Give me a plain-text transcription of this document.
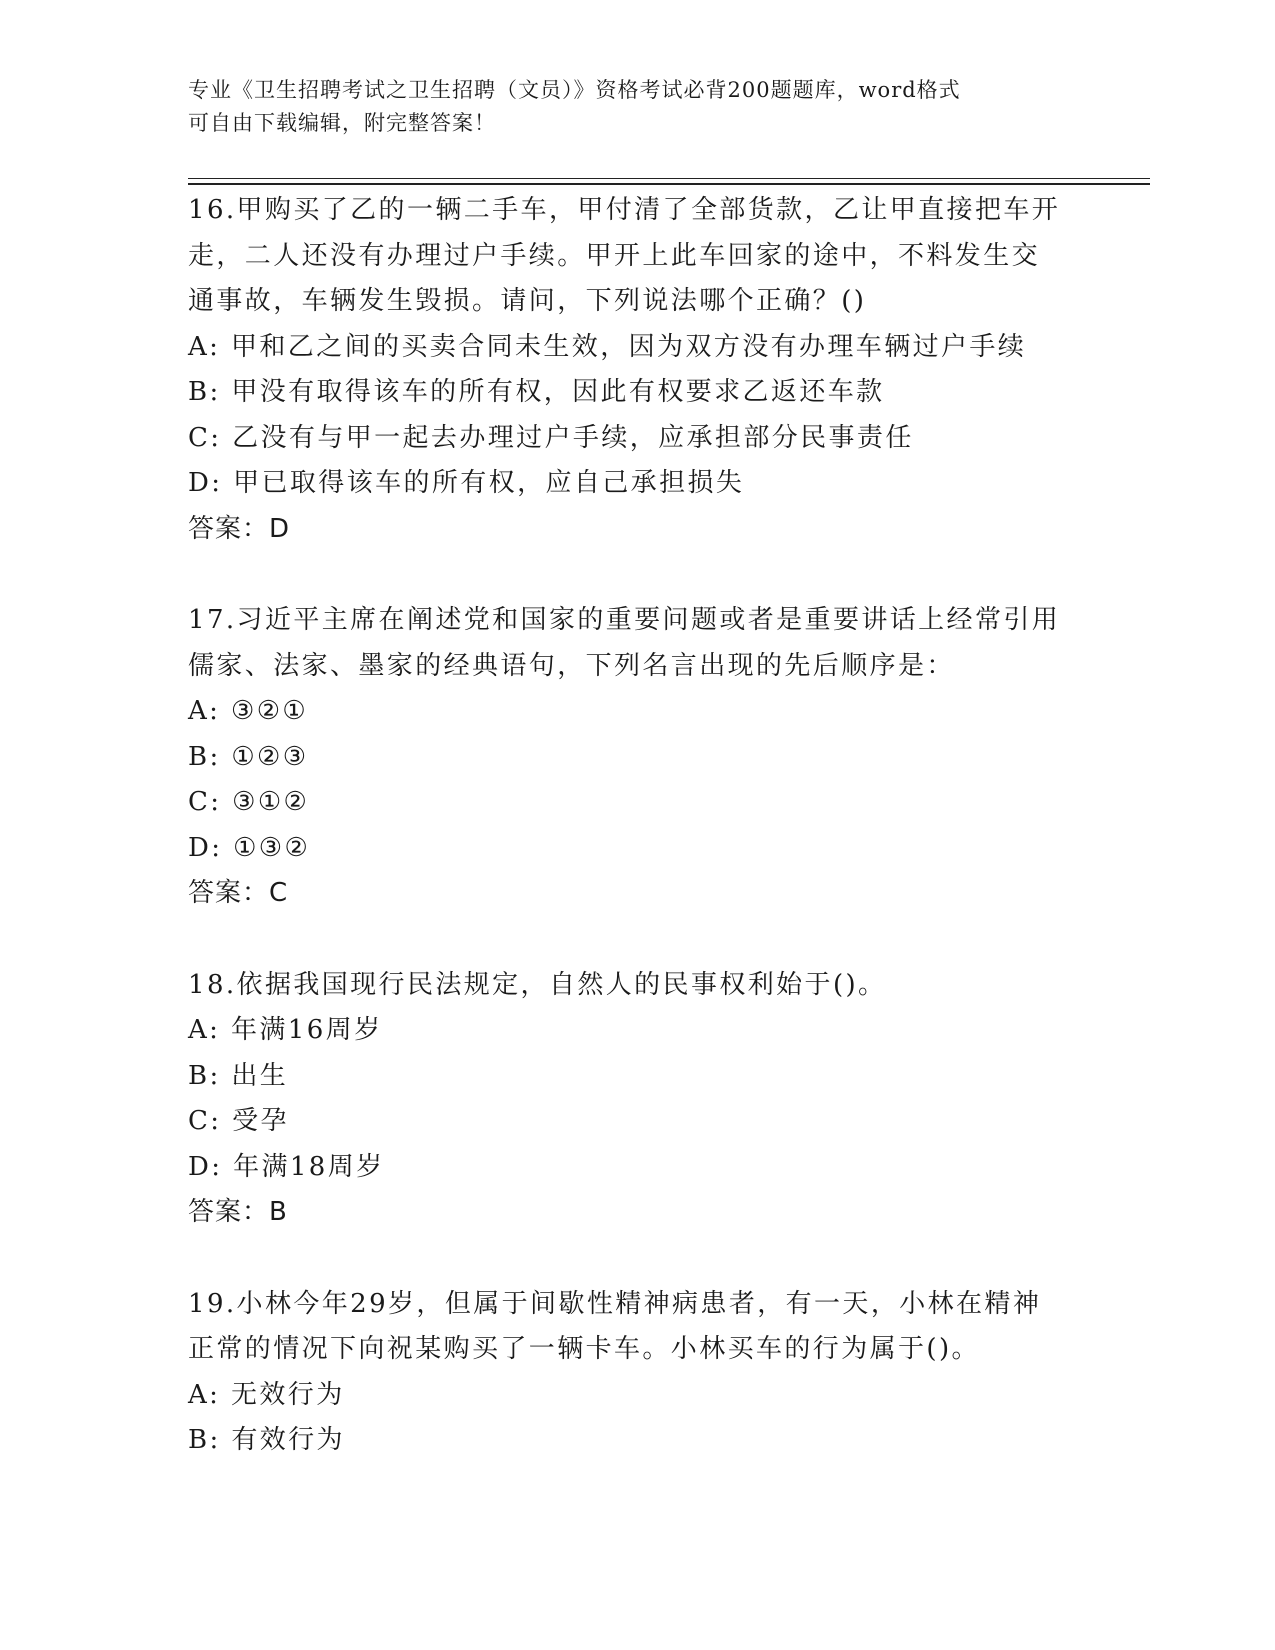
专业《卫生招聘考试之卫生招聘（文员）》资格考试必背200题题库，word格式
可自由下载编辑，附完整答案！
16.甲购买了乙的一辆二手车，甲付清了全部货款，乙让甲直接把车开
走，二人还没有办理过户手续。甲开上此车回家的途中，不料发生交
通事故，车辆发生毁损。请问，下列说法哪个正确？()
A: 甲和乙之间的买卖合同未生效，因为双方没有办理车辆过户手续
B: 甲没有取得该车的所有权，因此有权要求乙返还车款
C: 乙没有与甲一起去办理过户手续，应承担部分民事责任
D: 甲已取得该车的所有权，应自己承担损失
答案：D
17.习近平主席在阐述党和国家的重要问题或者是重要讲话上经常引用
儒家、法家、墨家的经典语句，下列名言出现的先后顺序是：
A: ③②①
B: ①②③
C: ③①②
D: ①③②
答案：C
18.依据我国现行民法规定，自然人的民事权利始于()。
A: 年满16周岁
B: 出生
C: 受孕
D: 年满18周岁
答案：B
19.小林今年29岁，但属于间歇性精神病患者，有一天，小林在精神
正常的情况下向祝某购买了一辆卡车。小林买车的行为属于()。
A: 无效行为
B: 有效行为
